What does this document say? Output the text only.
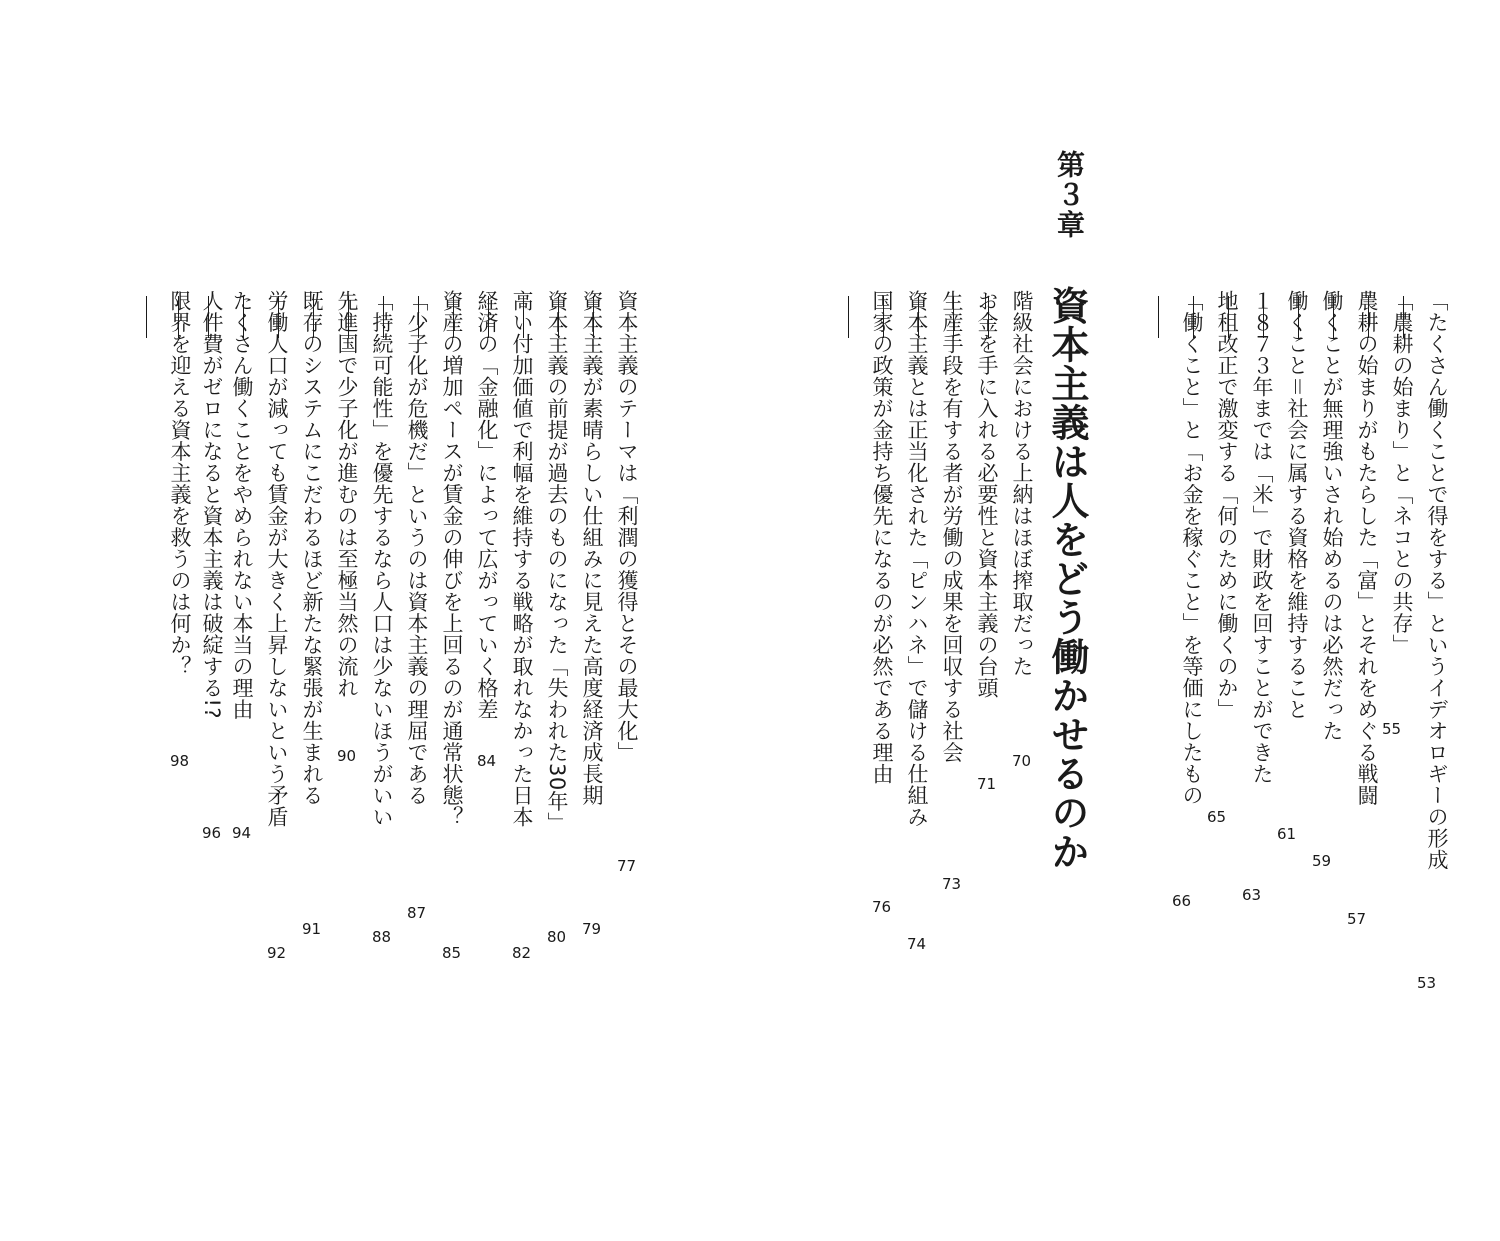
「たくさん働くことで得をする」というイデオロギーの形成
53
「農耕の始まり」と「ネコとの共存」
55
農耕の始まりがもたらした「富」とそれをめぐる戦闘
57
働くことが無理強いされ始めるのは必然だった
59
働くこと＝社会に属する資格を維持すること
61
１８７３年までは「米」で財政を回すことができた
63
地租改正で激変する「何のために働くのか」
65
「働くこと」と「お金を稼ぐこと」を等価にしたもの
66
第３章
資本主義は人をどう働かせるのか
階級社会における上納はほぼ搾取だった
70
お金を手に入れる必要性と資本主義の台頭
71
生産手段を有する者が労働の成果を回収する社会
73
資本主義とは正当化された「ピンハネ」で儲ける仕組み
74
国家の政策が金持ち優先になるのが必然である理由
76
資本主義のテーマは「利潤の獲得とその最大化」
77
資本主義が素晴らしい仕組みに見えた高度経済成長期
79
資本主義の前提が過去のものになった「失われた30年」
80
高い付加価値で利幅を維持する戦略が取れなかった日本
82
経済の「金融化」によって広がっていく格差
84
資産の増加ペースが賃金の伸びを上回るのが通常状態？
85
「少子化が危機だ」というのは資本主義の理屈である
87
「持続可能性」を優先するなら人口は少ないほうがいい
88
先進国で少子化が進むのは至極当然の流れ
90
既存のシステムにこだわるほど新たな緊張が生まれる
91
労働人口が減っても賃金が大きく上昇しないという矛盾
92
たくさん働くことをやめられない本当の理由
94
人件費がゼロになると資本主義は破綻する!?
96
限界を迎える資本主義を救うのは何か？
98
